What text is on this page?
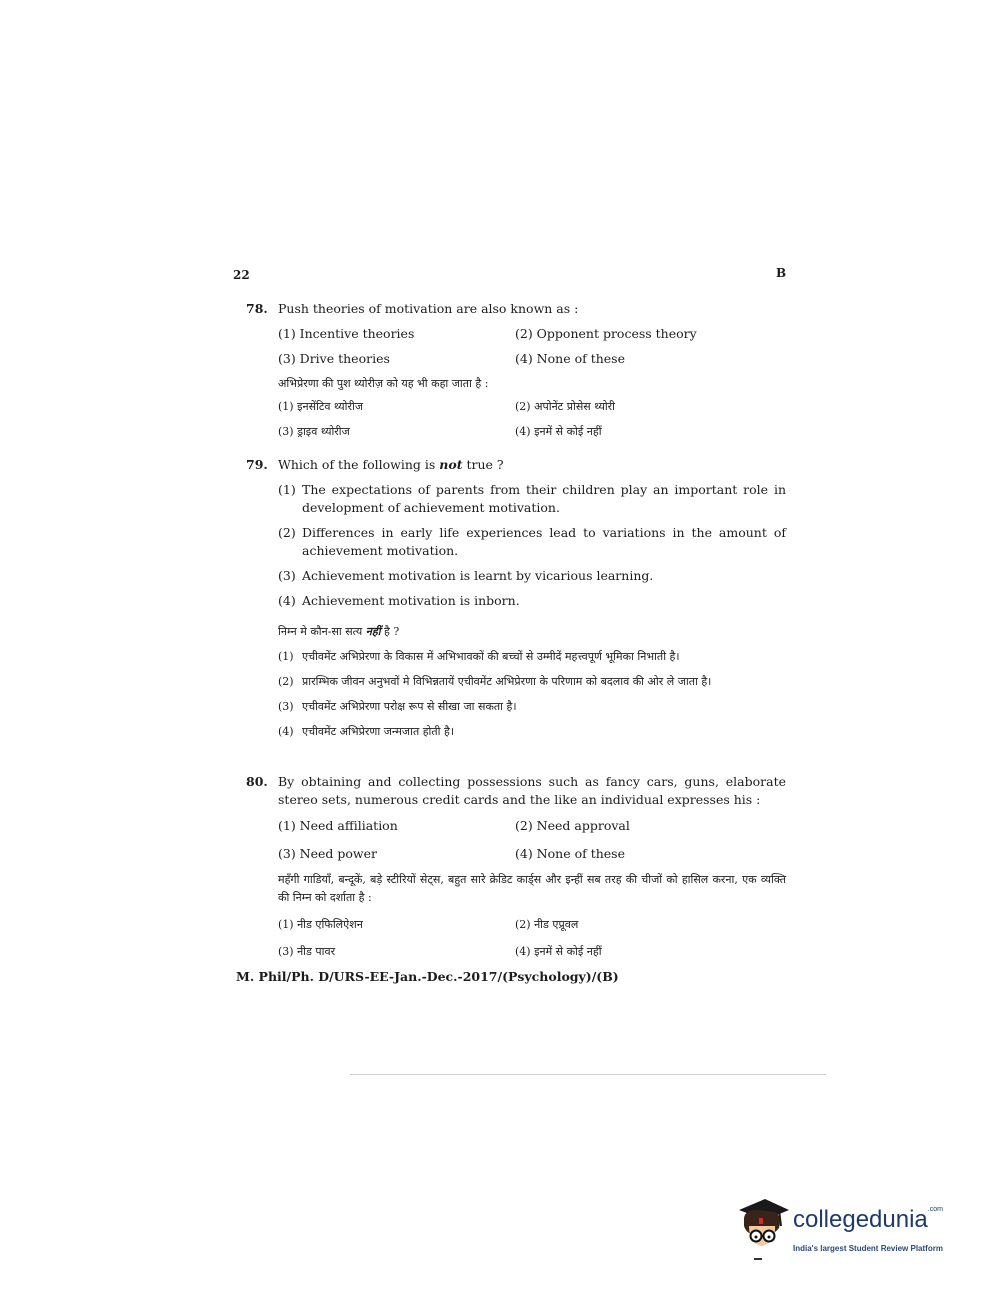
22	B
78. Push theories of motivation are also known as :
(1) Incentive theories	(2) Opponent process theory
(3) Drive theories	(4) None of these
अभिप्रेरणा की पुश थ्योरीज़ को यह भी कहा जाता है :
(1) इनसेंटिव थ्योरीज	(2) अपोनेंट प्रोसेस थ्योरी
(3) ड्राइव थ्योरीज	(4) इनमें से कोई नहीं
79. Which of the following is not true ?
(1) The expectations of parents from their children play an important role in development of achievement motivation.
(2) Differences in early life experiences lead to variations in the amount of achievement motivation.
(3) Achievement motivation is learnt by vicarious learning.
(4) Achievement motivation is inborn.
निम्न मे कौन-सा सत्य नहीं है ?
(1) एचीवमेंट अभिप्रेरणा के विकास में अभिभावकों की बच्चों से उम्मीदें महत्त्वपूर्ण भूमिका निभाती है।
(2) प्रारम्भिक जीवन अनुभवों मे विभिन्नतायें एचीवमेंट अभिप्रेरणा के परिणाम को बदलाव की ओर ले जाता है।
(3) एचीवमेंट अभिप्रेरणा परोक्ष रूप से सीखा जा सकता है।
(4) एचीवमेंट अभिप्रेरणा जन्मजात होती है।
80. By obtaining and collecting possessions such as fancy cars, guns, elaborate stereo sets, numerous credit cards and the like an individual expresses his :
(1) Need affiliation	(2) Need approval
(3) Need power	(4) None of these
महँगी गाडियाँ, बन्दूकें, बड़े स्टीरियों सेट्स, बहुत सारे क्रेडिट कार्ड्स और इन्हीं सब तरह की चीजों को हासिल करना, एक व्यक्ति की निम्न को दर्शाता है :
(1) नीड एफिलिऐशन	(2) नीड एप्रूवल
(3) नीड पावर	(4) इनमें से कोई नहीं
M. Phil/Ph. D/URS-EE-Jan.-Dec.-2017/(Psychology)/(B)
collegedunia$^{.com}$
India's largest Student Review Platform
